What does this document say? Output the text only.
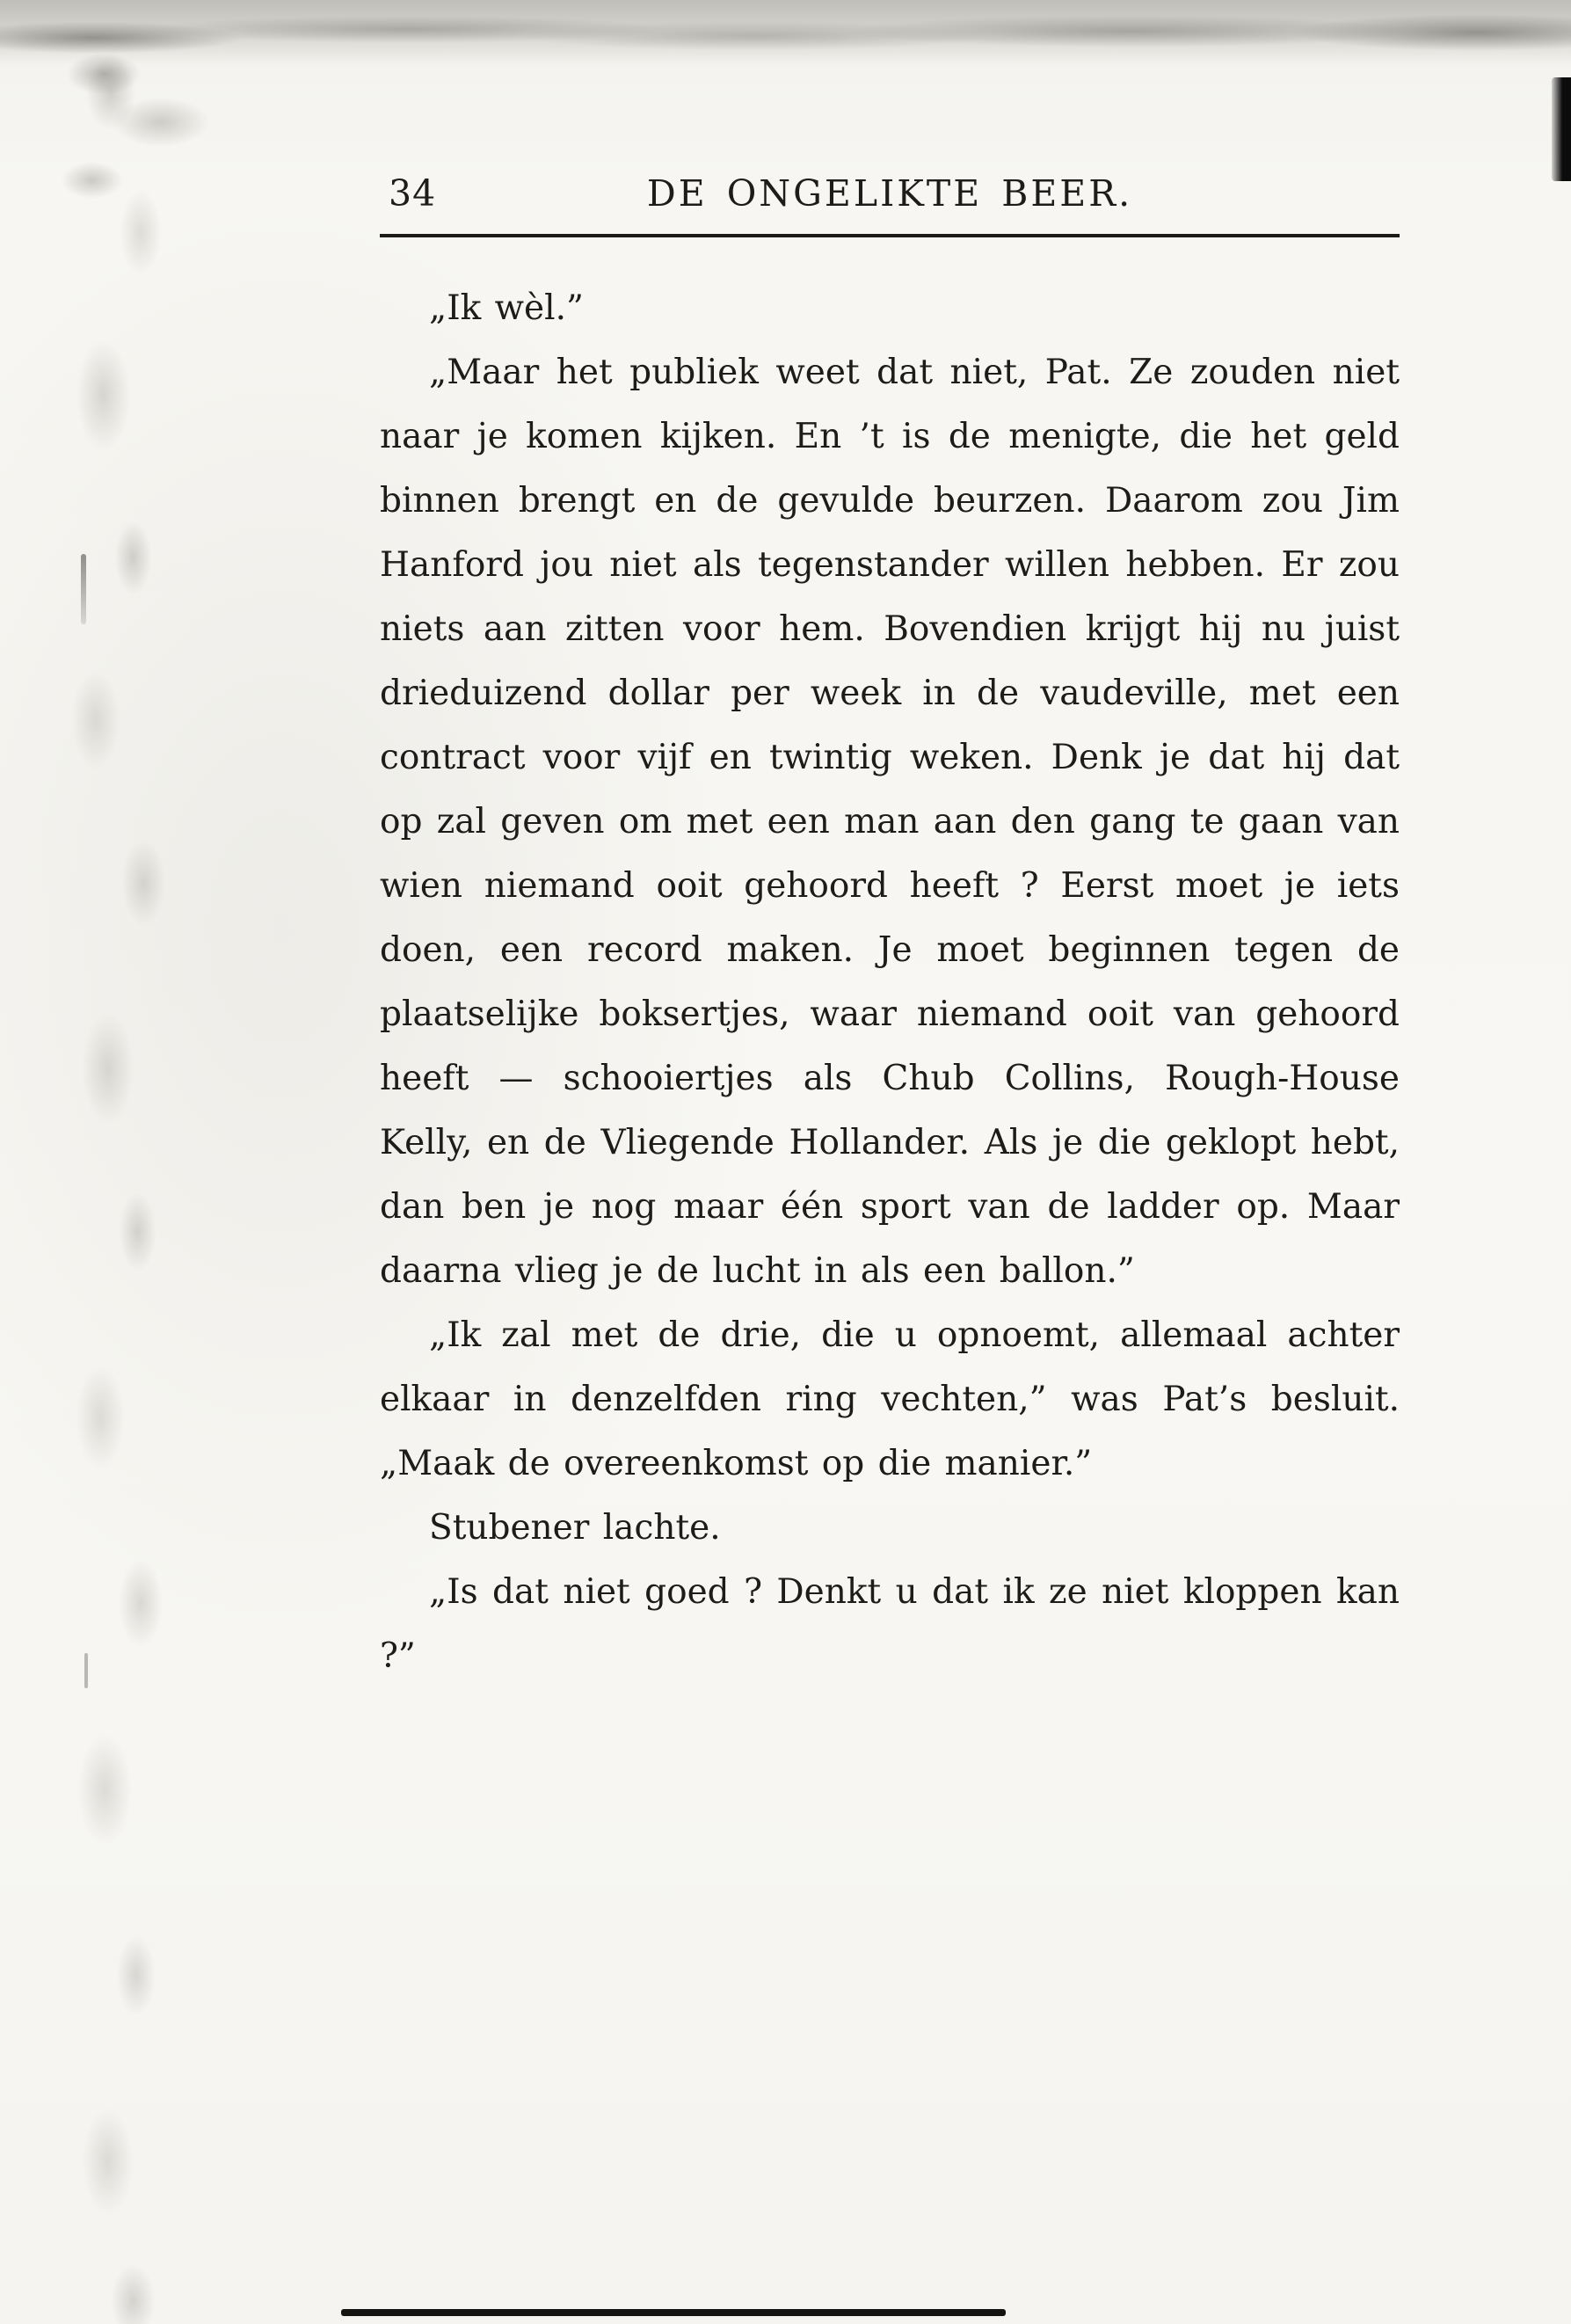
34	DE ONGELIKTE BEER.

„Ik wèl.”

„Maar het publiek weet dat niet, Pat. Ze zouden niet naar je komen kijken. En ’t is de menigte, die het geld binnen brengt en de gevulde beurzen. Daarom zou Jim Hanford jou niet als tegenstander willen hebben. Er zou niets aan zitten voor hem. Bovendien krijgt hij nu juist drieduizend dollar per week in de vaudeville, met een contract voor vijf en twintig weken. Denk je dat hij dat op zal geven om met een man aan den gang te gaan van wien niemand ooit gehoord heeft ? Eerst moet je iets doen, een record maken. Je moet beginnen tegen de plaatselijke boksertjes, waar niemand ooit van gehoord heeft — schooiertjes als Chub Collins, Rough-House Kelly, en de Vliegende Hollander. Als je die geklopt hebt, dan ben je nog maar één sport van de ladder op. Maar daarna vlieg je de lucht in als een ballon.”

„Ik zal met de drie, die u opnoemt, allemaal achter elkaar in denzelfden ring vechten,” was Pat’s besluit. „Maak de overeenkomst op die manier.”

Stubener lachte.

„Is dat niet goed ? Denkt u dat ik ze niet kloppen kan ?”
